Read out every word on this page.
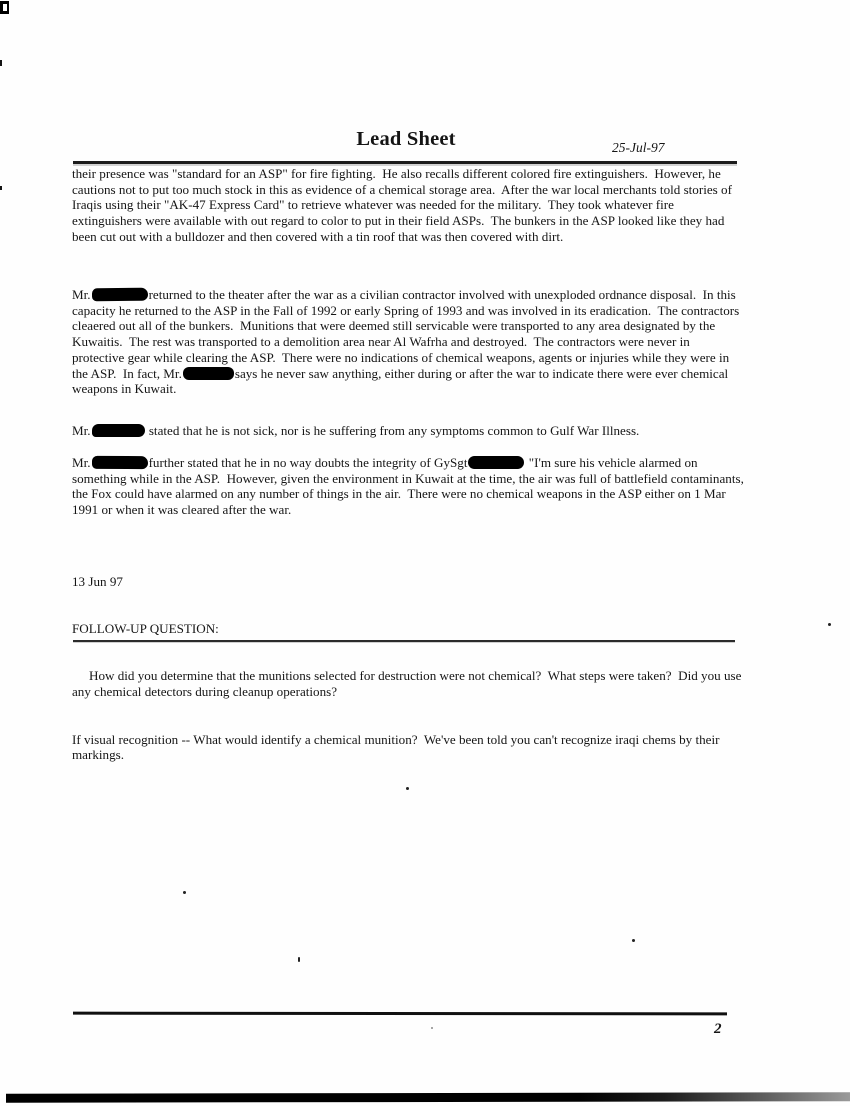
Lead Sheet	25-Jul-97

their presence was "standard for an ASP" for fire fighting.  He also recalls different colored fire extinguishers.  However, he cautions not to put too much stock in this as evidence of a chemical storage area.  After the war local merchants told stories of Iraqis using their "AK-47 Express Card" to retrieve whatever was needed for the military.  They took whatever fire extinguishers were available with out regard to color to put in their field ASPs.  The bunkers in the ASP looked like they had been cut out with a bulldozer and then covered with a tin roof that was then covered with dirt.

Mr.	returned to the theater after the war as a civilian contractor involved with unexploded ordnance disposal.  In this capacity he returned to the ASP in the Fall of 1992 or early Spring of 1993 and was involved in its eradication.  The contractors cleaered out all of the bunkers.  Munitions that were deemed still servicable were transported to any area designated by the Kuwaitis.  The rest was transported to a demolition area near Al Wafrha and destroyed.  The contractors were never in protective gear while clearing the ASP.  There were no indications of chemical weapons, agents or injuries while they were in the ASP.  In fact, Mr.	says he never saw anything, either during or after the war to indicate there were ever chemical weapons in Kuwait.

Mr.	stated that he is not sick, nor is he suffering from any symptoms common to Gulf War Illness.

Mr.	further stated that he in no way doubts the integrity of GySgt	"I'm sure his vehicle alarmed on something while in the ASP.  However, given the environment in Kuwait at the time, the air was full of battlefield contaminants, the Fox could have alarmed on any number of things in the air.  There were no chemical weapons in the ASP either on 1 Mar 1991 or when it was cleared after the war.

13 Jun 97

FOLLOW-UP QUESTION:

How did you determine that the munitions selected for destruction were not chemical?  What steps were taken?  Did you use any chemical detectors during cleanup operations?

If visual recognition -- What would identify a chemical munition?  We've been told you can't recognize iraqi chems by their markings.

2
